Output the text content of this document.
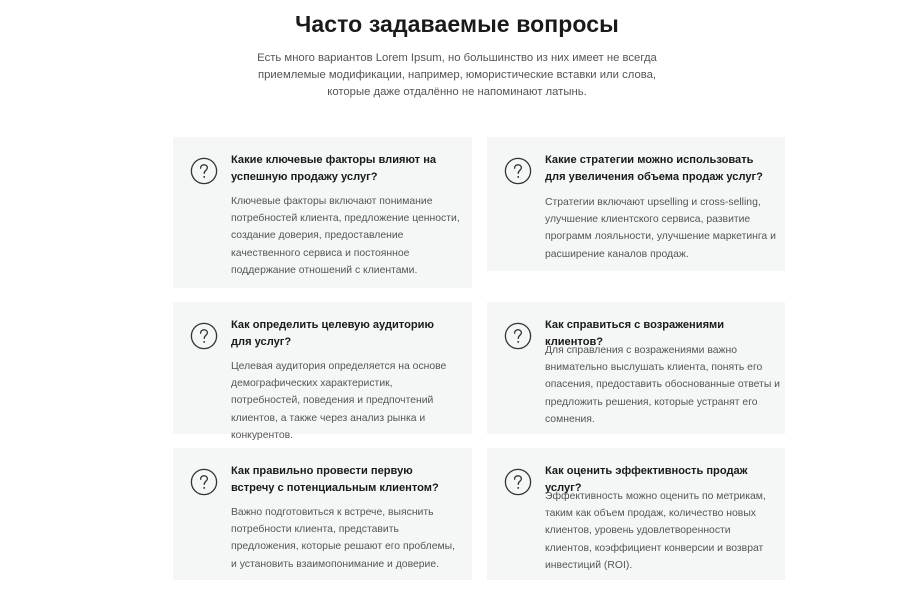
Часто задаваемые вопросы

Есть много вариантов Lorem Ipsum, но большинство из них имеет не всегда приемлемые модификации, например, юмористические вставки или слова, которые даже отдалённо не напоминают латынь.

Какие ключевые факторы влияют на успешную продажу услуг?

Ключевые факторы включают понимание потребностей клиента, предложение ценности, создание доверия, предоставление качественного сервиса и постоянное поддержание отношений с клиентами.

Какие стратегии можно использовать для увеличения объема продаж услуг?

Стратегии включают upselling и cross-selling, улучшение клиентского сервиса, развитие программ лояльности, улучшение маркетинга и расширение каналов продаж.

Как определить целевую аудиторию для услуг?

Целевая аудитория определяется на основе демографических характеристик, потребностей, поведения и предпочтений клиентов, а также через анализ рынка и конкурентов.

Как справиться с возражениями клиентов?

Для справления с возражениями важно внимательно выслушать клиента, понять его опасения, предоставить обоснованные ответы и предложить решения, которые устранят его сомнения.

Как правильно провести первую встречу с потенциальным клиентом?

Важно подготовиться к встрече, выяснить потребности клиента, представить предложения, которые решают его проблемы, и установить взаимопонимание и доверие.

Как оценить эффективность продаж услуг?

Эффективность можно оценить по метрикам, таким как объем продаж, количество новых клиентов, уровень удовлетворенности клиентов, коэффициент конверсии и возврат инвестиций (ROI).
